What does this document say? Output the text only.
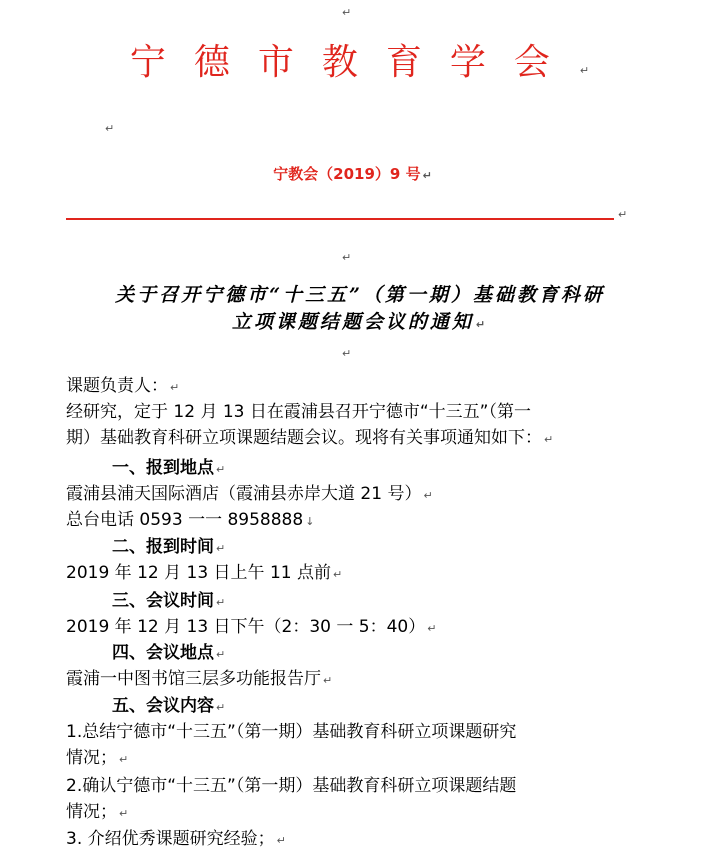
↵
↵
↵
↵
宁德市教育学会 ↵
宁教会（2019）9 号 ↵
↵
关于召开宁德市“十三五”（第一期）基础教育科研
立项课题结题会议的通知 ↵
课题负责人： ↵
经研究，定于 12 月 13 日在霞浦县召开宁德市“十三五”（第一
期）基础教育科研立项课题结题会议。现将有关事项通知如下： ↵
一、报到地点 ↵
霞浦县浦天国际酒店（霞浦县赤岸大道 21 号） ↵
总台电话 0593 一一 8958888 ↓
二、报到时间 ↵
2019 年 12 月 13 日上午 11 点前 ↵
三、会议时间 ↵
2019 年 12 月 13 日下午（2：30 一 5：40） ↵
四、会议地点 ↵
霞浦一中图书馆三层多功能报告厅 ↵
五、会议内容 ↵
1.总结宁德市“十三五”（第一期）基础教育科研立项课题研究
情况； ↵
2.确认宁德市“十三五”（第一期）基础教育科研立项课题结题
情况； ↵
3. 介绍优秀课题研究经验； ↵
